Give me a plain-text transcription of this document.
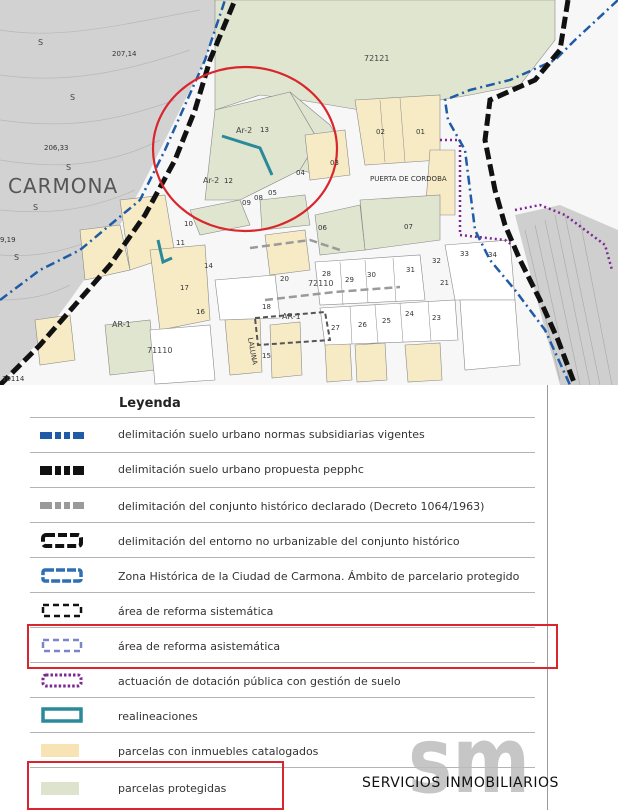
CARMONA
207,14
206,33
9,19
10114
72121
72110
71110
Ar-2
Ar-2
AR-1
AR-1
PUERTA DE CORDOBA
LALUNA
S
S
S
S
S
13
12
02	01
03
04
05
06	07
08
09
10
11
14
15
16
17
18
20	21
23
24
25
26
27
28
29
30
31
32
33	34
Leyenda
delimitación suelo urbano normas subsidiarias vigentes
delimitación suelo urbano propuesta pepphc
delimitación del conjunto histórico declarado (Decreto 1064/1963)
delimitación del entorno no urbanizable del conjunto histórico
Zona Histórica de la Ciudad de Carmona. Ámbito de parcelario protegido
área de reforma sistemática
área de reforma asistemática
actuación de dotación pública con gestión de suelo
realineaciones
parcelas con inmuebles catalogados
parcelas protegidas sm
SERVICIOS INMOBILIARIOS
